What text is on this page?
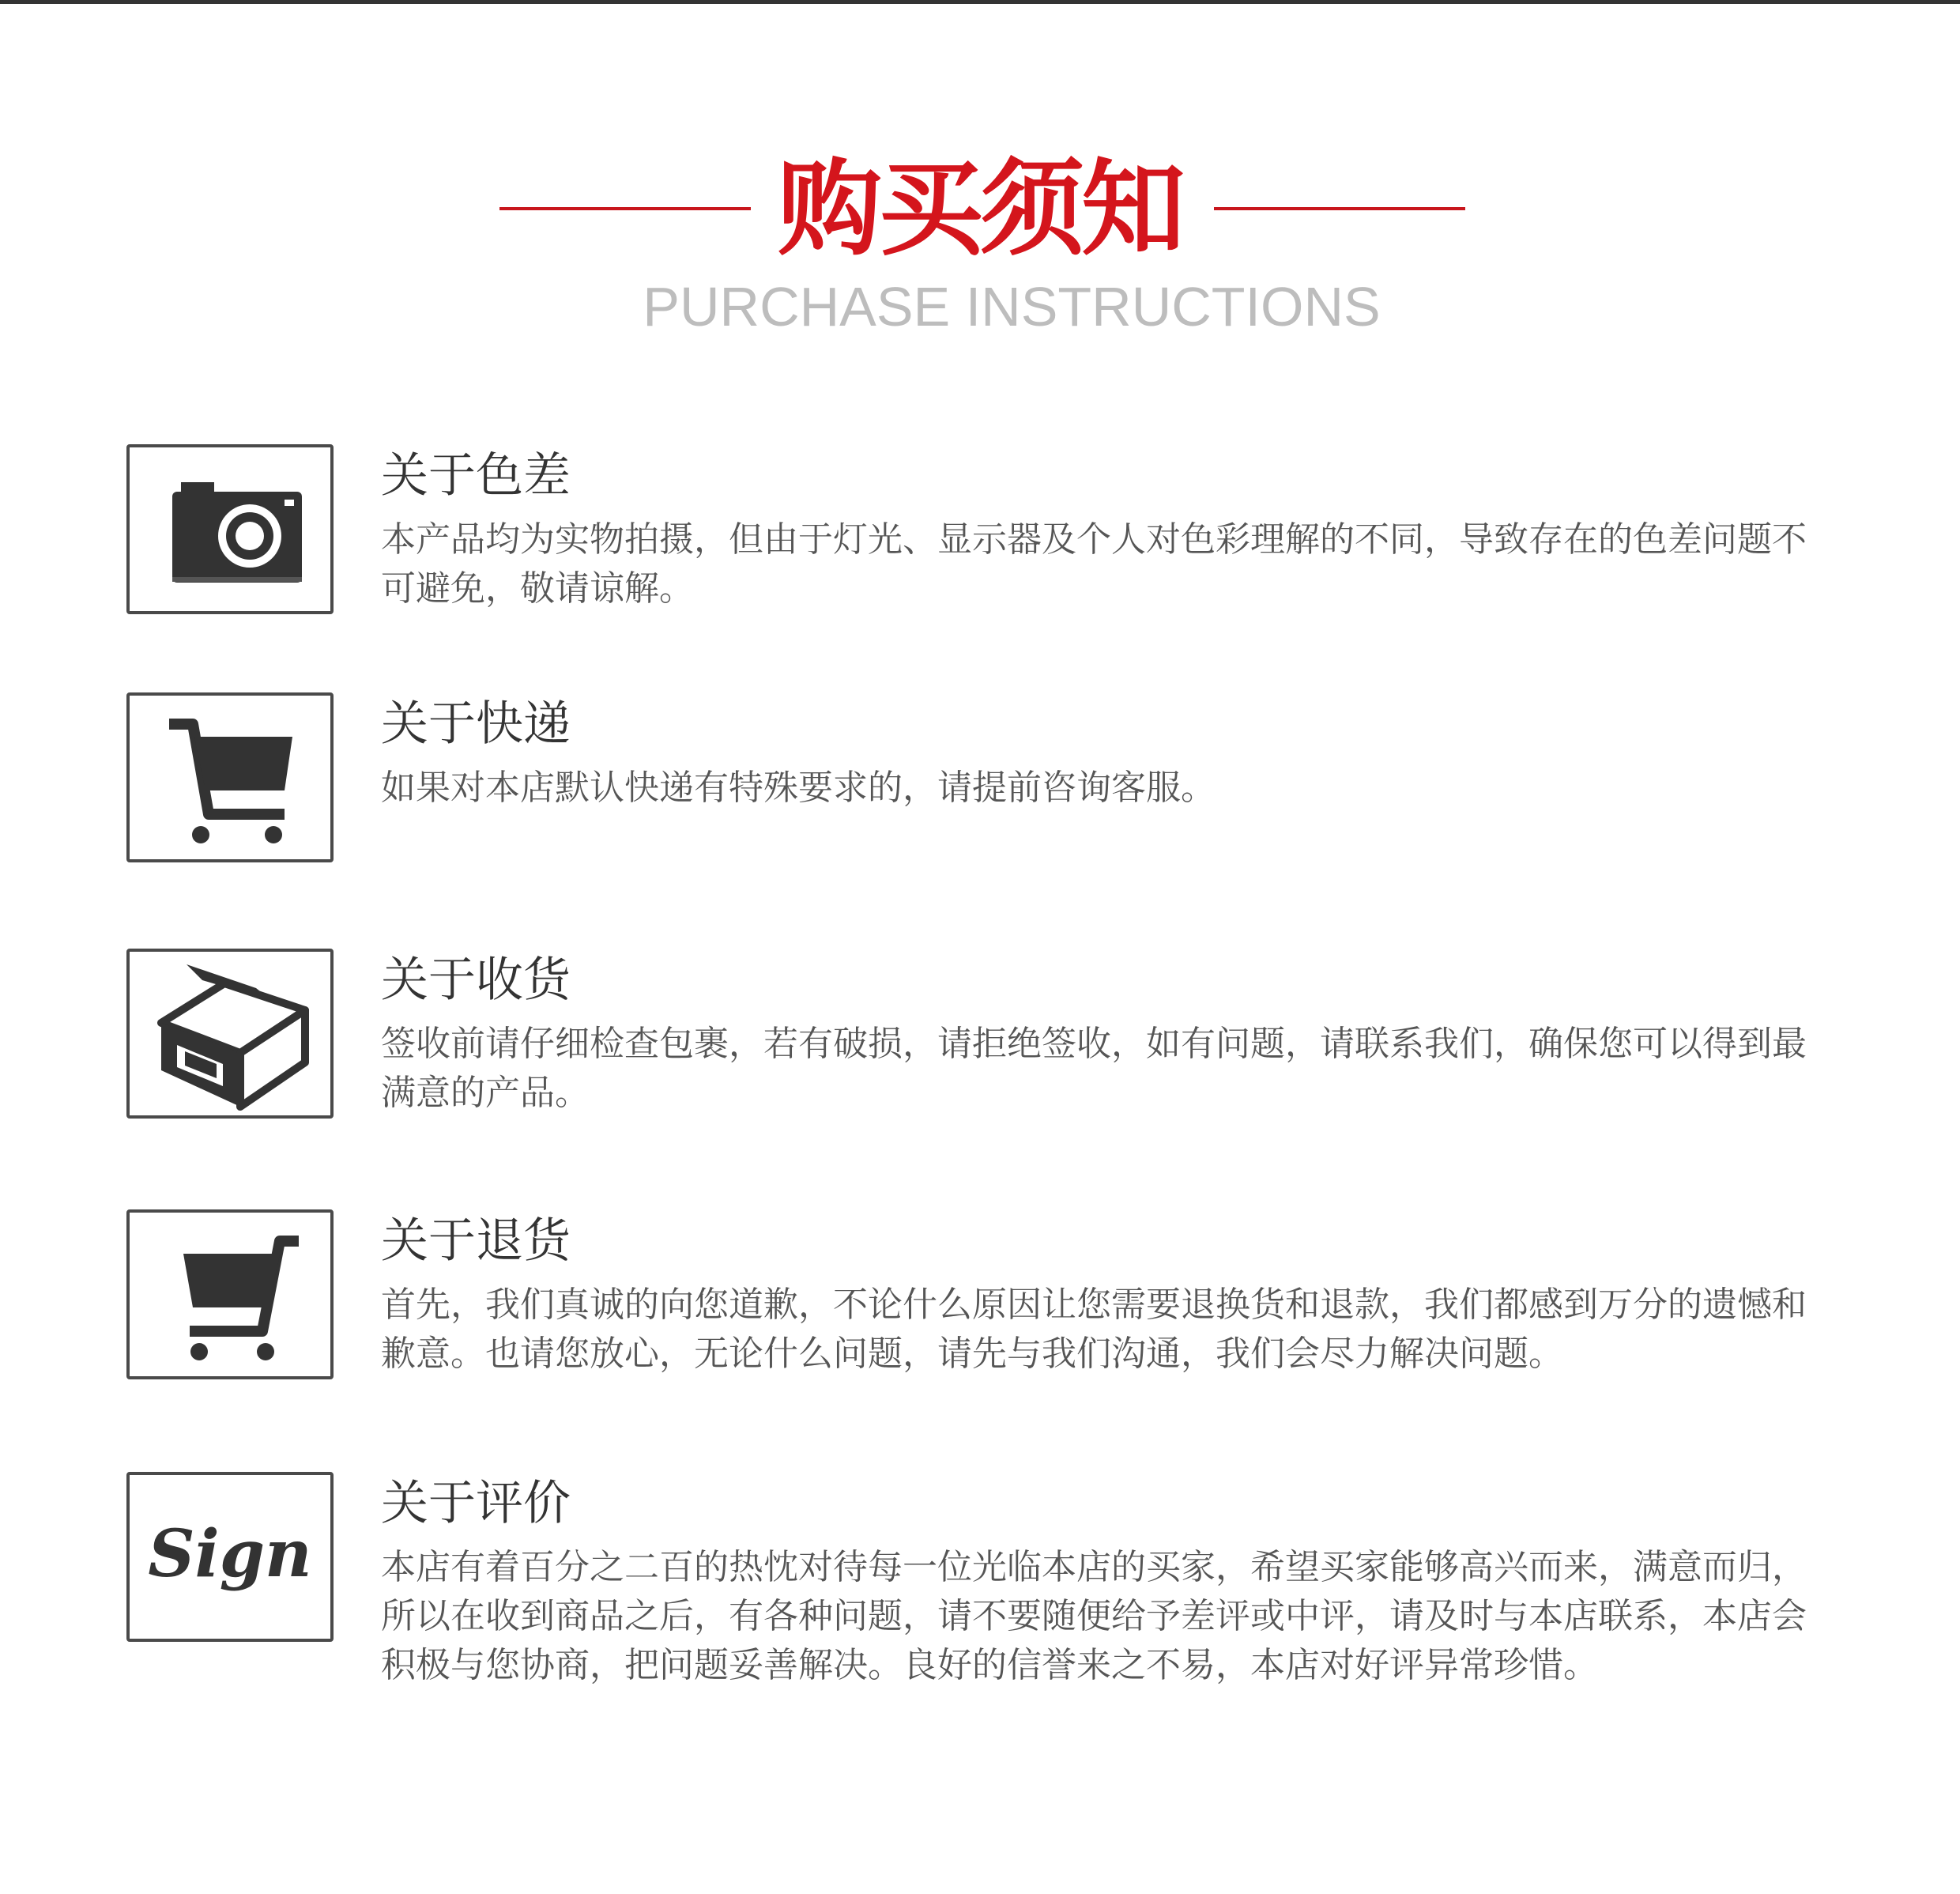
购买须知
PURCHASE INSTRUCTIONS
关于色差
本产品均为实物拍摄，但由于灯光、显示器及个人对色彩理解的不同，导致存在的色差问题不可避免，敬请谅解。
关于快递
如果对本店默认快递有特殊要求的，请提前咨询客服。
关于收货
签收前请仔细检查包裹，若有破损，请拒绝签收，如有问题，请联系我们，确保您可以得到最满意的产品。
关于退货
首先，我们真诚的向您道歉，不论什么原因让您需要退换货和退款，我们都感到万分的遗憾和歉意。也请您放心，无论什么问题，请先与我们沟通，我们会尽力解决问题。
Sign
关于评价
本店有着百分之二百的热忱对待每一位光临本店的买家，希望买家能够高兴而来，满意而归，所以在收到商品之后，有各种问题，请不要随便给予差评或中评，请及时与本店联系，本店会积极与您协商，把问题妥善解决。良好的信誉来之不易，本店对好评异常珍惜。
